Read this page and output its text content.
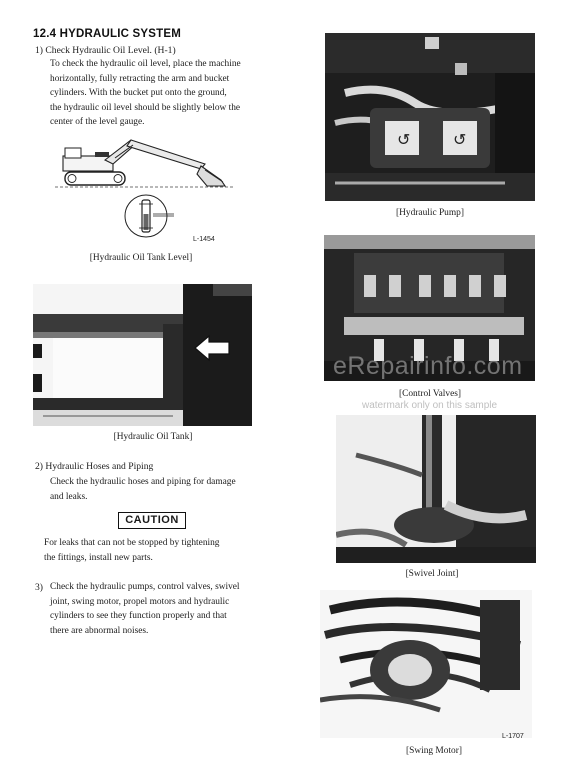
12.4 HYDRAULIC SYSTEM
1) Check Hydraulic Oil Level. (H-1)
To check the hydraulic oil level, place the machine
horizontally, fully retracting the arm and bucket
cylinders. With the bucket put onto the ground,
the hydraulic oil level should be slightly below the
center of the level gauge.
L-1454
[Hydraulic Oil Tank Level]
[Hydraulic Oil Tank]
2) Hydraulic Hoses and Piping
Check the hydraulic hoses and piping for damage
and leaks.
CAUTION
For leaks that can not be stopped by tightening
the fittings, install new parts.
3) Check the hydraulic pumps, control valves, swivel
joint, swing motor, propel motors and hydraulic
cylinders to see they function properly and that
there are abnormal noises.
↺	↺
[Hydraulic Pump]
[Control Valves]
[Swivel Joint]
L-1707
[Swing Motor]
eRepairinfo.com
watermark only on this sample
